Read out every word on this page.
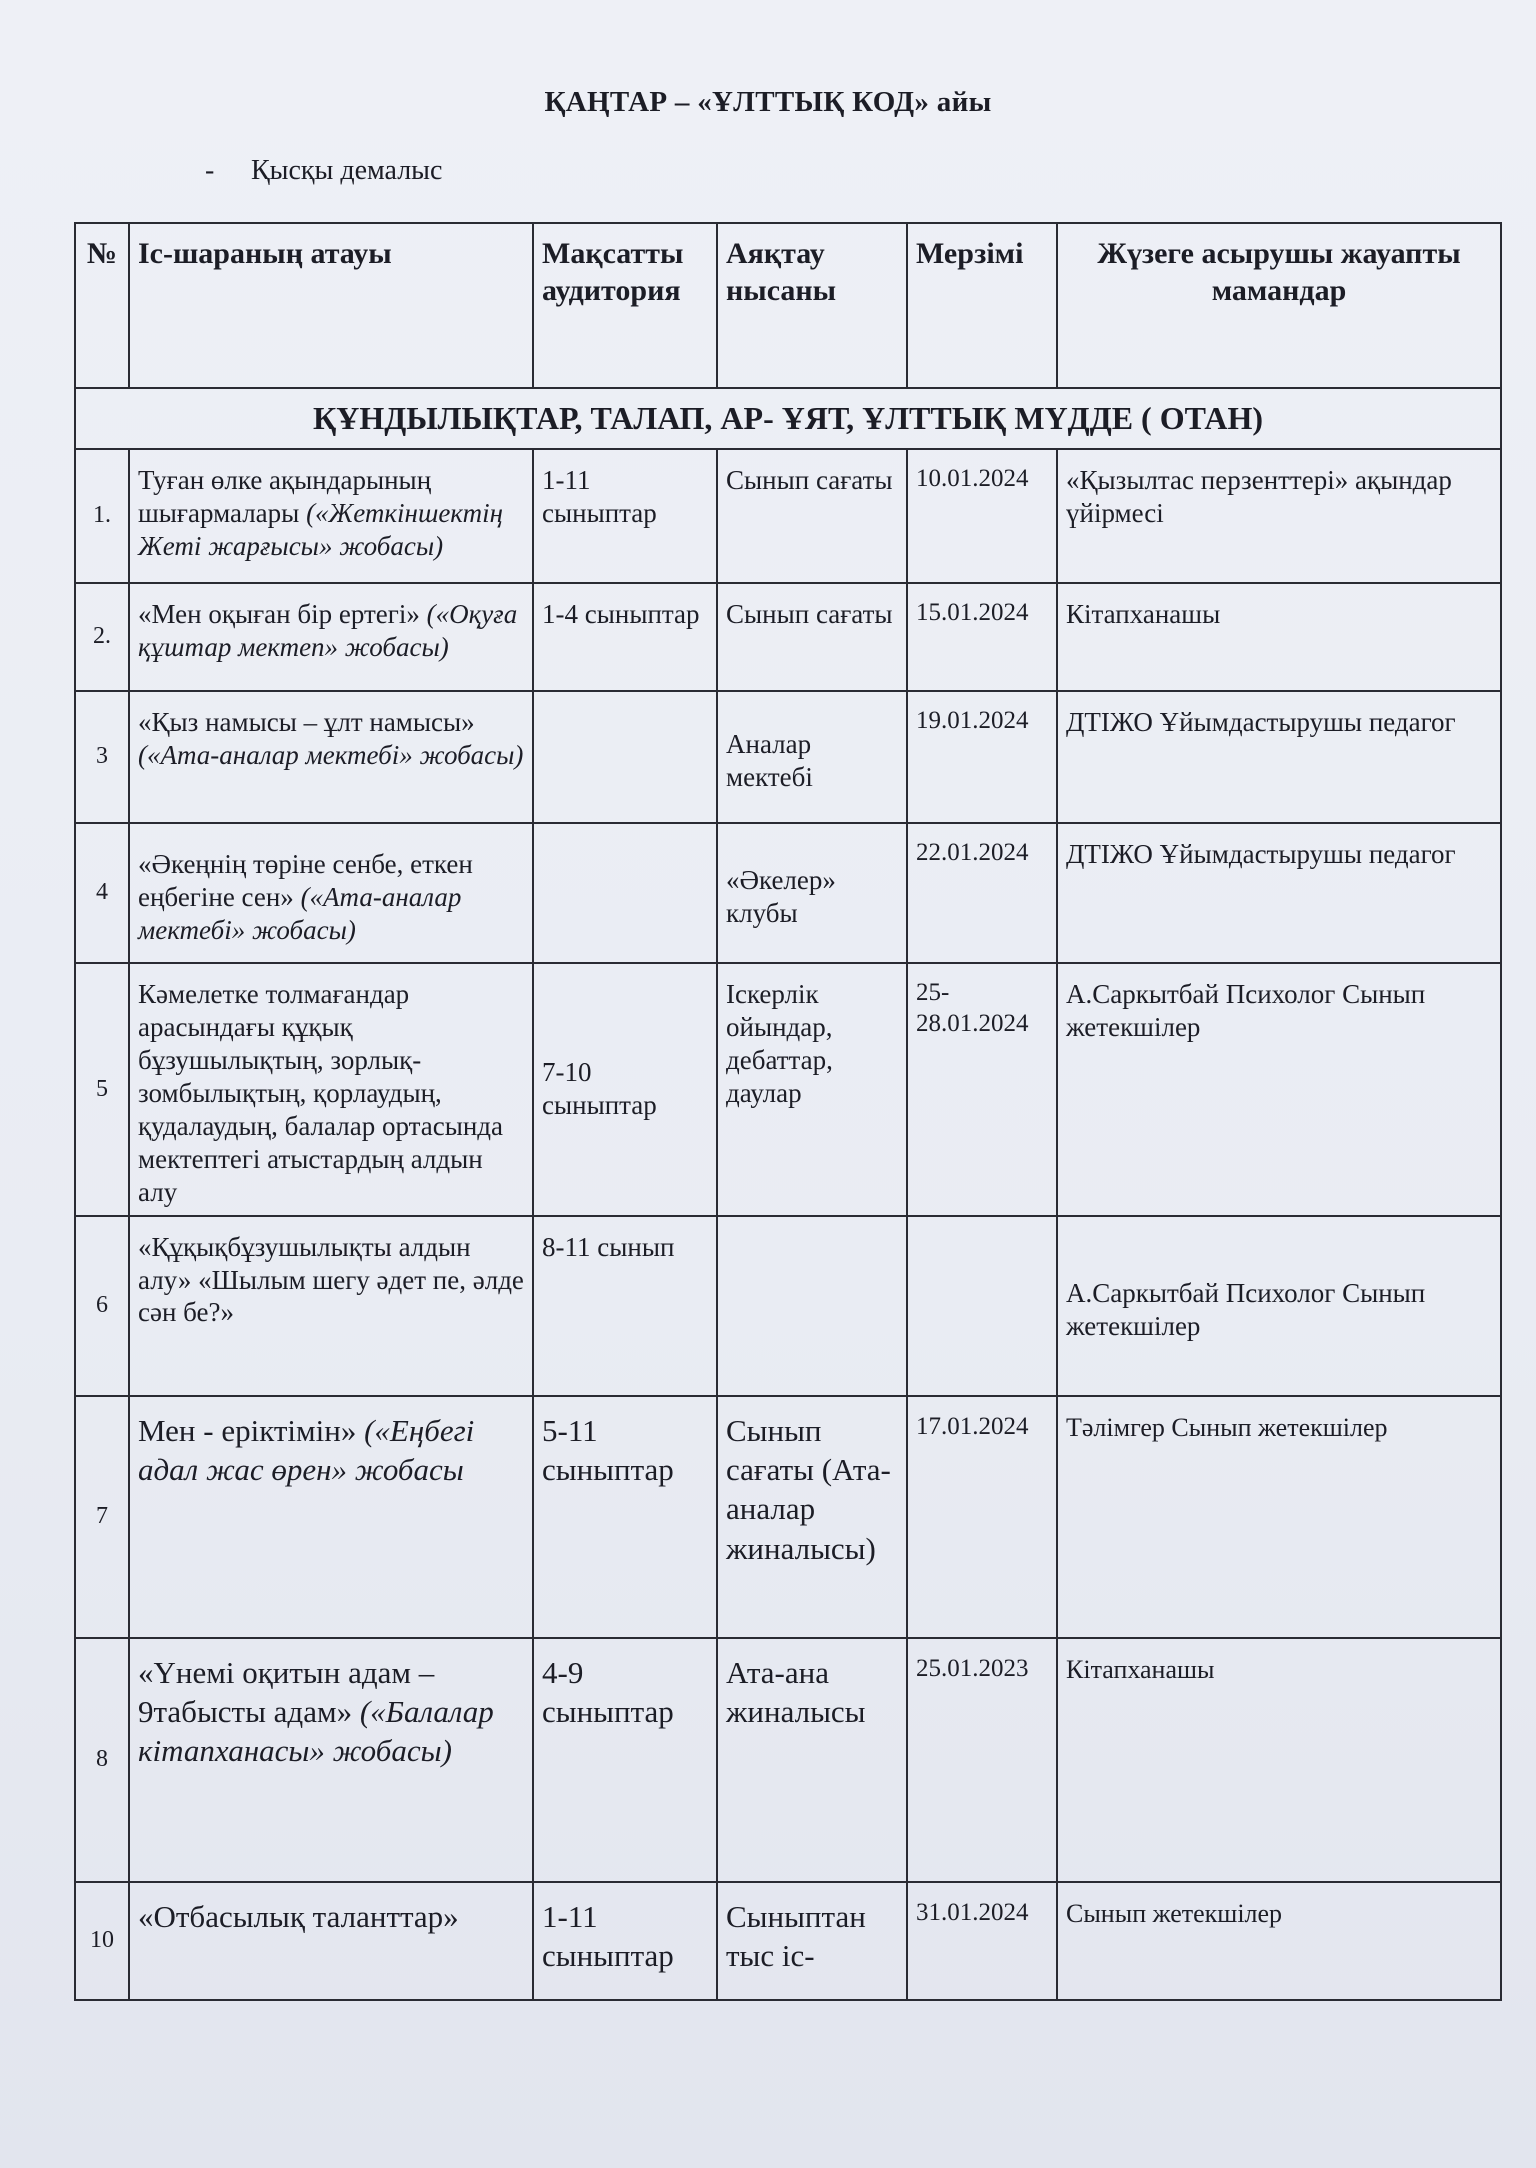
ҚАҢТАР – «ҰЛТТЫҚ КОД» айы
- Қысқы демалыс
№	Іс-шараның атауы	Мақсатты аудитория	Аяқтау нысаны	Мерзімі	Жүзеге асырушы жауапты мамандар
ҚҰНДЫЛЫҚТАР, ТАЛАП, АР- ҰЯТ, ҰЛТТЫҚ МҮДДЕ ( ОТАН)					
1.	Туған өлке ақындарының шығармалары («Жеткіншектің Жеті жарғысы» жобасы)	1-11 сыныптар	Сынып сағаты	10.01.2024	«Қызылтас перзенттері» ақындар үйірмесі
2.	«Мен оқыған бір ертегі» («Оқуға құштар мектеп» жобасы)	1-4 сыныптар	Сынып сағаты	15.01.2024	Кітапханашы
3	«Қыз намысы – ұлт намысы» («Ата-аналар мектебі» жобасы)		Аналар мектебі	19.01.2024	ДТІЖО Ұйымдастырушы педагог
4	«Әкеңнің төріне сенбе, еткен еңбегіне сен» («Ата-аналар мектебі» жобасы)		«Әкелер» клубы	22.01.2024	ДТІЖО Ұйымдастырушы педагог
5	Кәмелетке толмағандар арасындағы құқық бұзушылықтың, зорлық-зомбылықтың, қорлаудың, қудалаудың, балалар ортасында мектептегі атыстардың алдын алу	7-10 сыныптар	Іскерлік ойындар, дебаттар, даулар	25-28.01.2024	А.Саркытбай Психолог Сынып жетекшілер
6	«Құқықбұзушылықты алдын алу» «Шылым шегу әдет пе, әлде сән бе?»	8-11 сынып			А.Саркытбай Психолог Сынып жетекшілер
7	Мен - еріктімін» («Еңбегі адал жас өрен» жобасы	5-11 сыныптар	Сынып сағаты (Ата-аналар жиналысы)	17.01.2024	Тәлімгер Сынып жетекшілер
8	«Үнемі оқитын адам – 9табысты адам» («Балалар кітапханасы» жобасы)	4-9 сыныптар	Ата-ана жиналысы	25.01.2023	Кітапханашы
10	«Отбасылық таланттар»	1-11 сыныптар	Сыныптан тыс іс-	31.01.2024	Сынып жетекшілер
